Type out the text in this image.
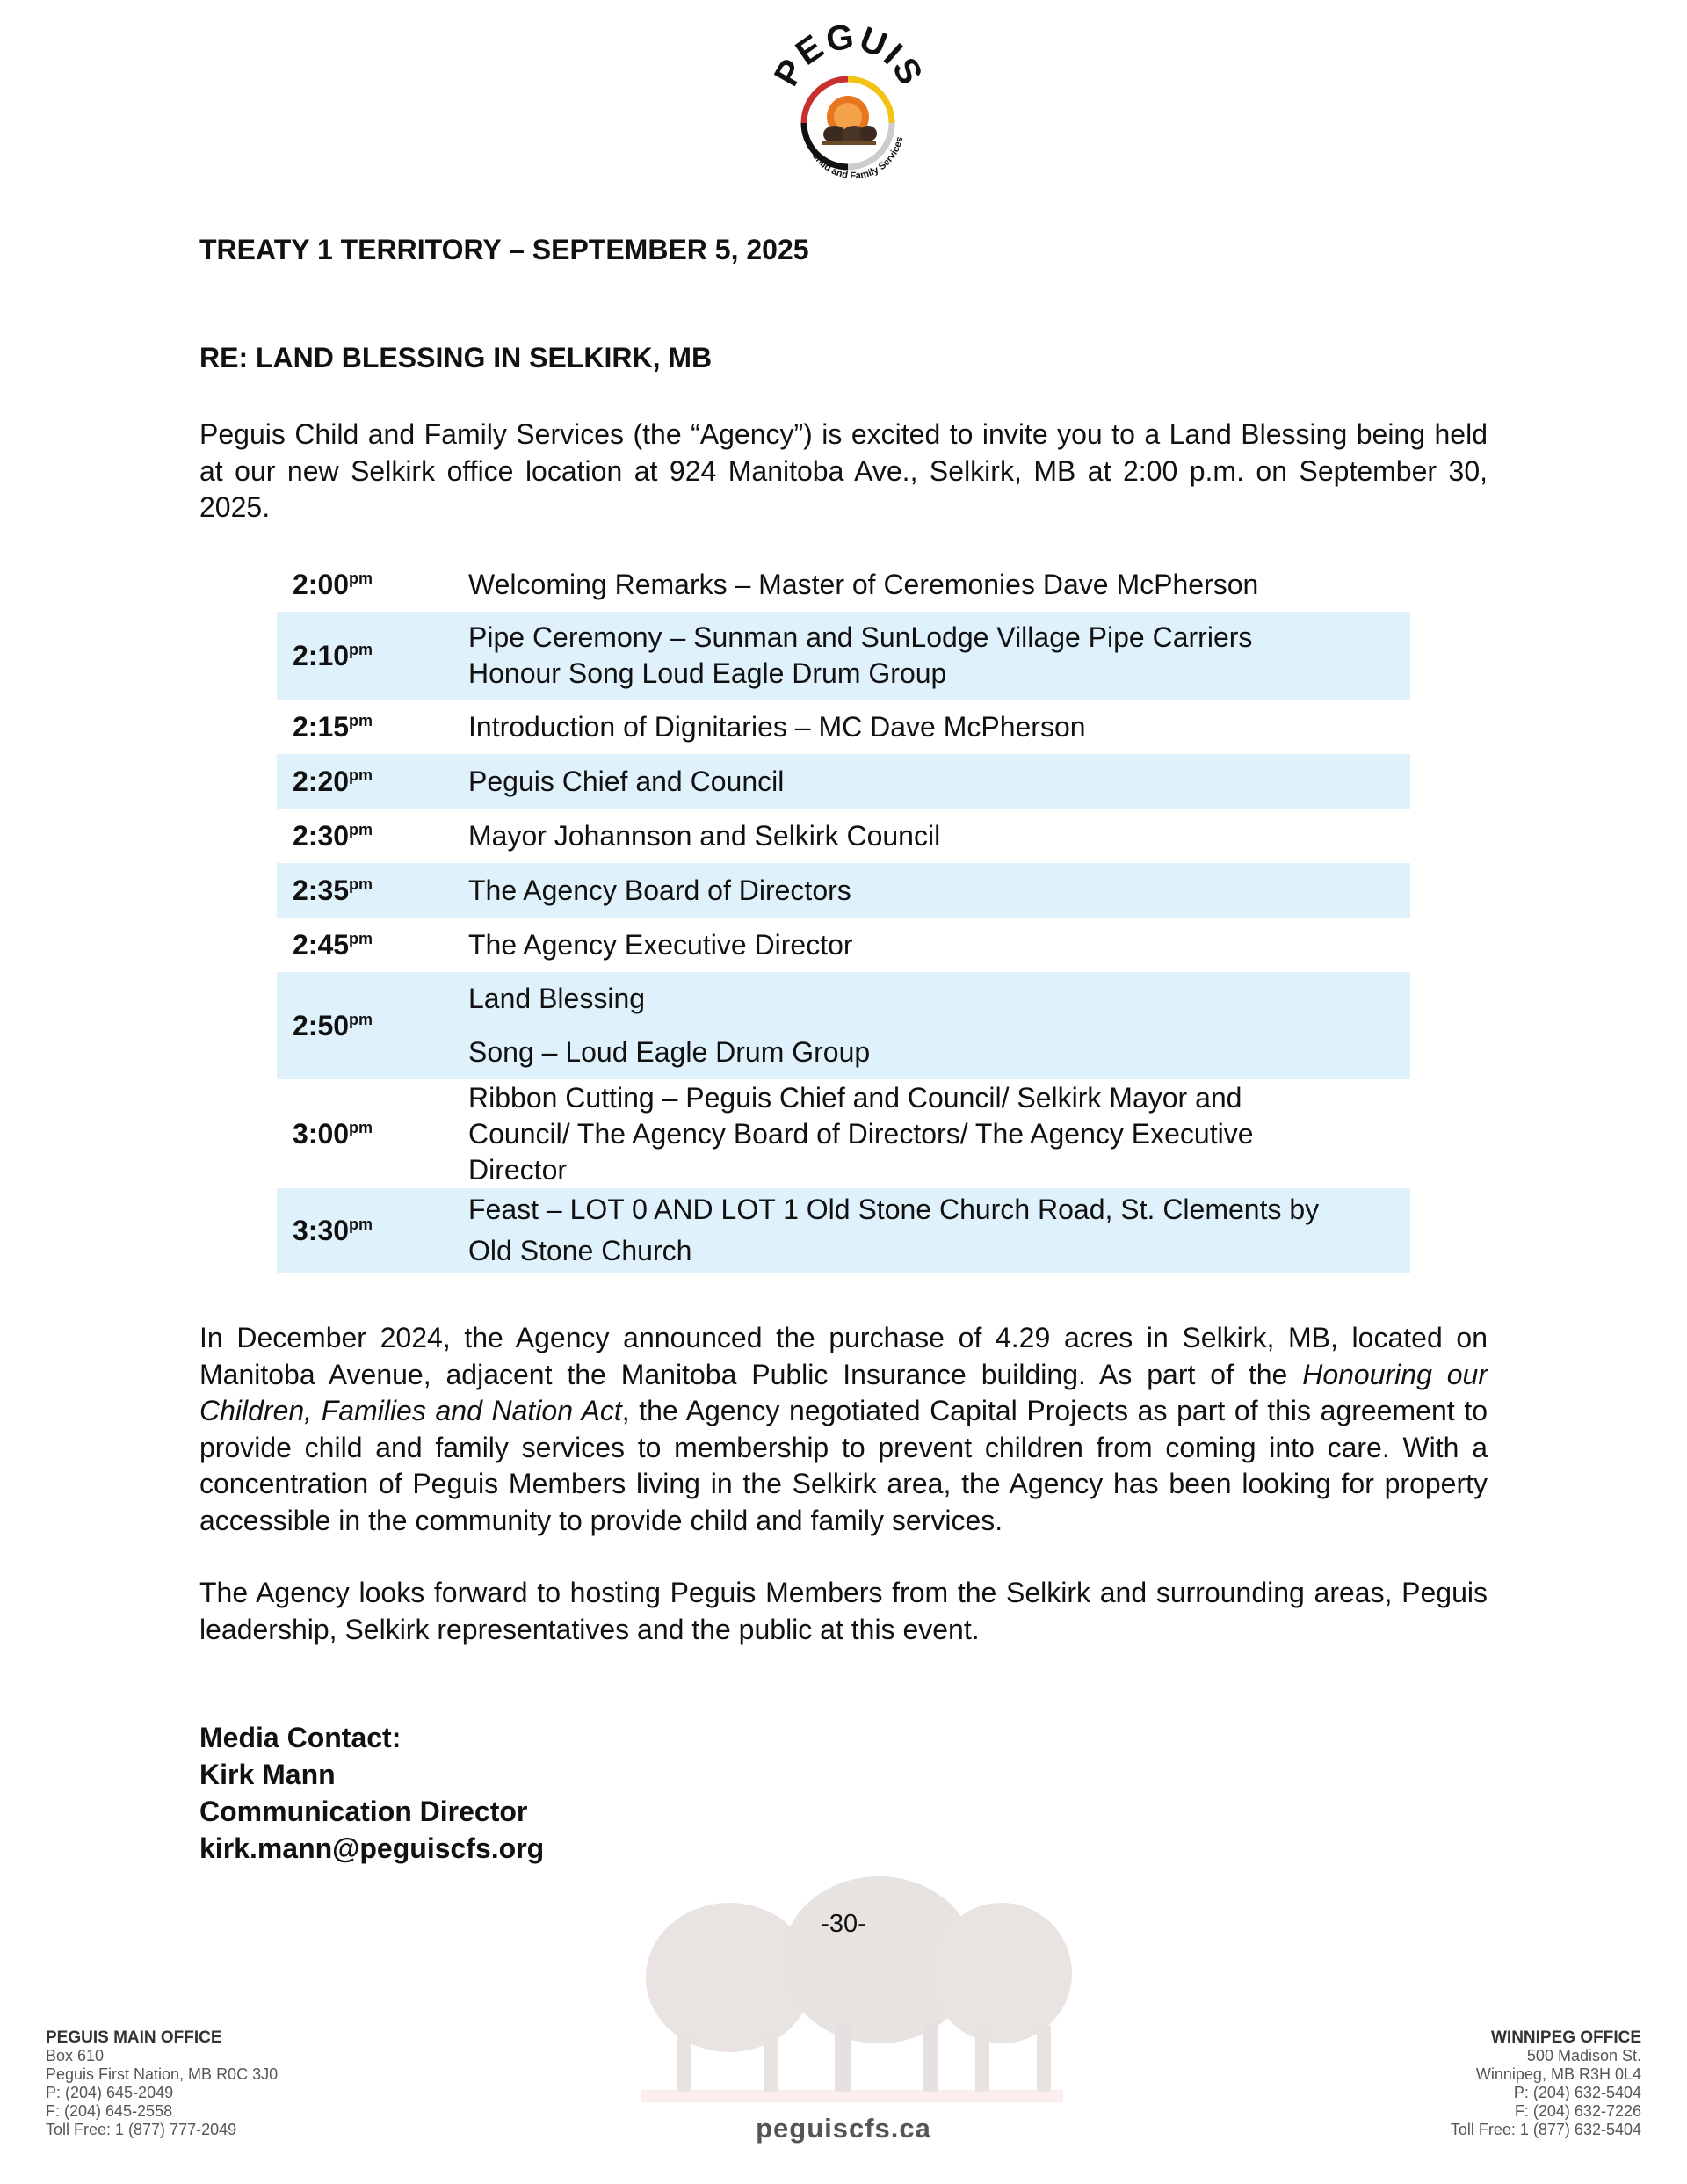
EGUI
Child and Family Services
TREATY 1 TERRITORY – SEPTEMBER 5, 2025
RE: LAND BLESSING IN SELKIRK, MB

Peguis Child and Family Services (the “Agency”) is excited to invite you to a Land Blessing being held at our new Selkirk office location at 924 Manitoba Ave., Selkirk, MB at 2:00 p.m. on September 30, 2025.

$2:00^{pm}$	Welcoming Remarks – Master of Ceremonies Dave McPherson

$2:10^{pm}$	Pipe Ceremony – Sunman and SunLodge Village Pipe Carriers
Honour Song Loud Eagle Drum Group

$2:15^{pm}$	Introduction of Dignitaries – MC Dave McPherson

$2:20^{pm}$	Peguis Chief and Council

$2:30^{pm}$	Mayor Johannson and Selkirk Council

$2:35^{pm}$	The Agency Board of Directors

$2:45^{pm}$	The Agency Executive Director

$2:50^{pm}$	Land Blessing
Song – Loud Eagle Drum Group

$3:00^{pm}$	Ribbon Cutting – Peguis Chief and Council/ Selkirk Mayor and
Council/ The Agency Board of Directors/ The Agency Executive
Director

$3:30^{pm}$	Feast – LOT 0 AND LOT 1 Old Stone Church Road, St. Clements by
Old Stone Church

In December 2024, the Agency announced the purchase of 4.29 acres in Selkirk, MB, located on Manitoba Avenue, adjacent the Manitoba Public Insurance building. As part of the Honouring our Children, Families and Nation Act, the Agency negotiated Capital Projects as part of this agreement to provide child and family services to membership to prevent children from coming into care. With a concentration of Peguis Members living in the Selkirk area, the Agency has been looking for property accessible in the community to provide child and family services.

The Agency looks forward to hosting Peguis Members from the Selkirk and surrounding areas, Peguis leadership, Selkirk representatives and the public at this event.

Media Contact:
Kirk Mann
Communication Director
kirk.mann@peguiscfs.org
-30-
PEGUIS MAIN OFFICE
Box 610
Peguis First Nation, MB R0C 3J0
P: (204) 645-2049
F: (204) 645-2558
Toll Free: 1 (877) 777-2049
WINNIPEG OFFICE
500 Madison St.
Winnipeg, MB R3H 0L4
P: (204) 632-5404
F: (204) 632-7226
Toll Free: 1 (877) 632-5404
peguiscfs.ca
